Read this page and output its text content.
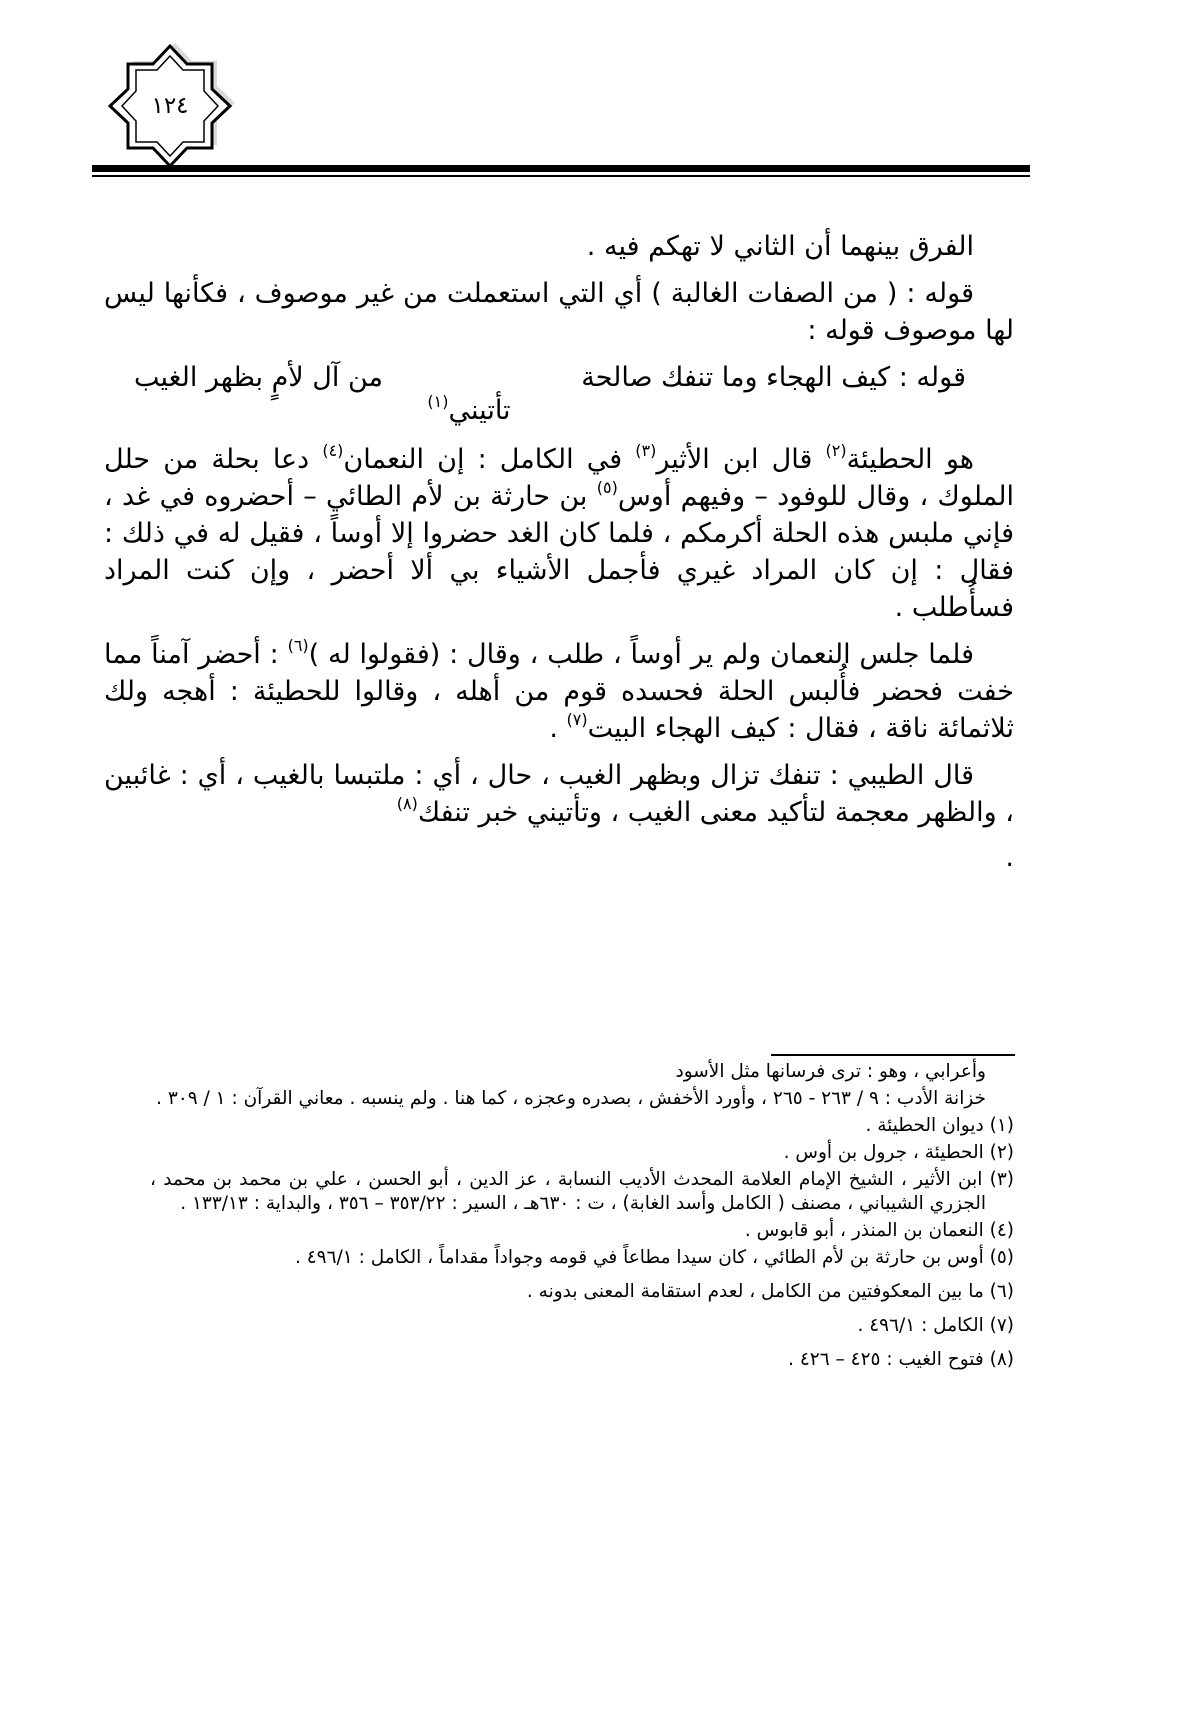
١٢٤

الفرق بينهما أن الثاني لا تهكم فيه .

قوله : ( من الصفات الغالبة ) أي التي استعملت من غير موصوف ، فكأنها ليس لها موصوف قوله :

قوله : كيف الهجاء وما تنفك صالحة
من آل لأمٍ بظهر الغيب
تأتيني$^{(١)}$

هو الحطيئة$^{(٢)}$ قال ابن الأثير$^{(٣)}$ في الكامل : إن النعمان$^{(٤)}$ دعا بحلة من حلل الملوك ، وقال للوفود – وفيهم أوس$^{(٥)}$ بن حارثة بن لأم الطائي – أحضروه في غد ، فإني ملبس هذه الحلة أكرمكم ، فلما كان الغد حضروا إلا أوساً ، فقيل له في ذلك : فقال : إن كان المراد غيري فأجمل الأشياء بي ألا أحضر ، وإن كنت المراد فسأُطلب .

فلما جلس النعمان ولم ير أوساً ، طلب ، وقال : (فقولوا له )$^{(٦)}$ : أحضر آمناً مما خفت فحضر فأُلبس الحلة فحسده قوم من أهله ، وقالوا للحطيئة : أهجه ولك ثلاثمائة ناقة ، فقال : كيف الهجاء البيت$^{(٧)}$ .

قال الطيبي : تنفك تزال وبظهر الغيب ، حال ، أي : ملتبسا بالغيب ، أي : غائبين ، والظهر معجمة لتأكيد معنى الغيب ، وتأتيني خبر تنفك$^{(٨)}$

.

وأعرابي ، وهو : ترى فرسانها مثل الأسود
خزانة الأدب : ٩ / ٢٦٣ - ٢٦٥ ، وأورد الأخفش ، بصدره وعجزه ، كما هنا . ولم ينسبه . معاني القرآن : ١ / ٣٠٩ .
(١) ديوان الحطيئة .
(٢) الحطيئة ، جرول بن أوس .
(٣) ابن الأثير ، الشيخ الإمام العلامة المحدث الأديب النسابة ، عز الدين ، أبو الحسن ، علي بن محمد بن محمد ، الجزري الشيباني ، مصنف ( الكامل وأسد الغابة) ، ت : ٦٣٠هـ ، السير : ٣٥٣/٢٢ – ٣٥٦ ، والبداية : ١٣٣/١٣ .
(٤) النعمان بن المنذر ، أبو قابوس .
(٥) أوس بن حارثة بن لأم الطائي ، كان سيدا مطاعاً في قومه وجواداً مقداماً ، الكامل : ٤٩٦/١ .
(٦) ما بين المعكوفتين من الكامل ، لعدم استقامة المعنى بدونه .
(٧) الكامل : ٤٩٦/١ .
(٨) فتوح الغيب : ٤٢٥ – ٤٢٦ .
